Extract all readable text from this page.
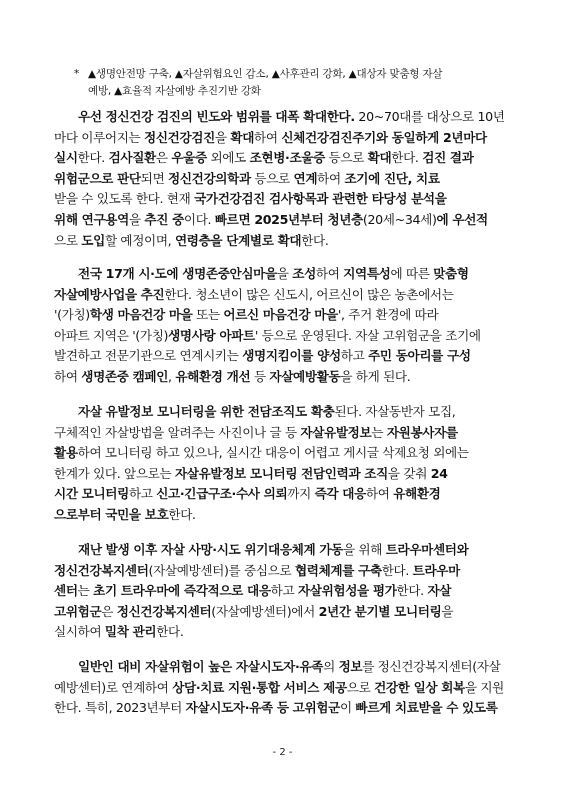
* ▲생명안전망 구축, ▲자살위험요인 감소, ▲사후관리 강화, ▲대상자 맞춤형 자살
예방, ▲효율적 자살예방 추진기반 강화
우선 정신건강 검진의 빈도와 범위를 대폭 확대한다. 20~70대를 대상으로 10년
마다 이루어지는 정신건강검진을 확대하여 신체건강검진주기와 동일하게 2년마다
실시한다. 검사질환은 우울증 외에도 조현병·조울증 등으로 확대한다. 검진 결과
위험군으로 판단되면 정신건강의학과 등으로 연계하여 조기에 진단, 치료
받을 수 있도록 한다. 현재 국가건강검진 검사항목과 관련한 타당성 분석을
위해 연구용역을 추진 중이다. 빠르면 2025년부터 청년층(20세~34세)에 우선적
으로 도입할 예정이며, 연령층을 단계별로 확대한다.
전국 17개 시·도에 생명존중안심마을을 조성하여 지역특성에 따른 맞춤형
자살예방사업을 추진한다. 청소년이 많은 신도시, 어르신이 많은 농촌에서는
'(가칭)학생 마음건강 마을 또는 어르신 마음건강 마을', 주거 환경에 따라
아파트 지역은 '(가칭)생명사랑 아파트' 등으로 운영된다. 자살 고위험군을 조기에
발견하고 전문기관으로 연계시키는 생명지킴이를 양성하고 주민 동아리를 구성
하여 생명존중 캠페인, 유해환경 개선 등 자살예방활동을 하게 된다.
자살 유발정보 모니터링을 위한 전담조직도 확충된다. 자살동반자 모집,
구체적인 자살방법을 알려주는 사진이나 글 등 자살유발정보는 자원봉사자를
활용하여 모니터링 하고 있으나, 실시간 대응이 어렵고 게시글 삭제요청 외에는
한계가 있다. 앞으로는 자살유발정보 모니터링 전담인력과 조직을 갖춰 24
시간 모니터링하고 신고·긴급구조·수사 의뢰까지 즉각 대응하여 유해환경
으로부터 국민을 보호한다.
재난 발생 이후 자살 사망·시도 위기대응체계 가동을 위해 트라우마센터와
정신건강복지센터(자살예방센터)를 중심으로 협력체계를 구축한다. 트라우마
센터는 초기 트라우마에 즉각적으로 대응하고 자살위험성을 평가한다. 자살
고위험군은 정신건강복지센터(자살예방센터)에서 2년간 분기별 모니터링을
실시하여 밀착 관리한다.
일반인 대비 자살위험이 높은 자살시도자·유족의 정보를 정신건강복지센터(자살
예방센터)로 연계하여 상담·치료 지원·통합 서비스 제공으로 건강한 일상 회복을 지원
한다. 특히, 2023년부터 자살시도자·유족 등 고위험군이 빠르게 치료받을 수 있도록
- 2 -
